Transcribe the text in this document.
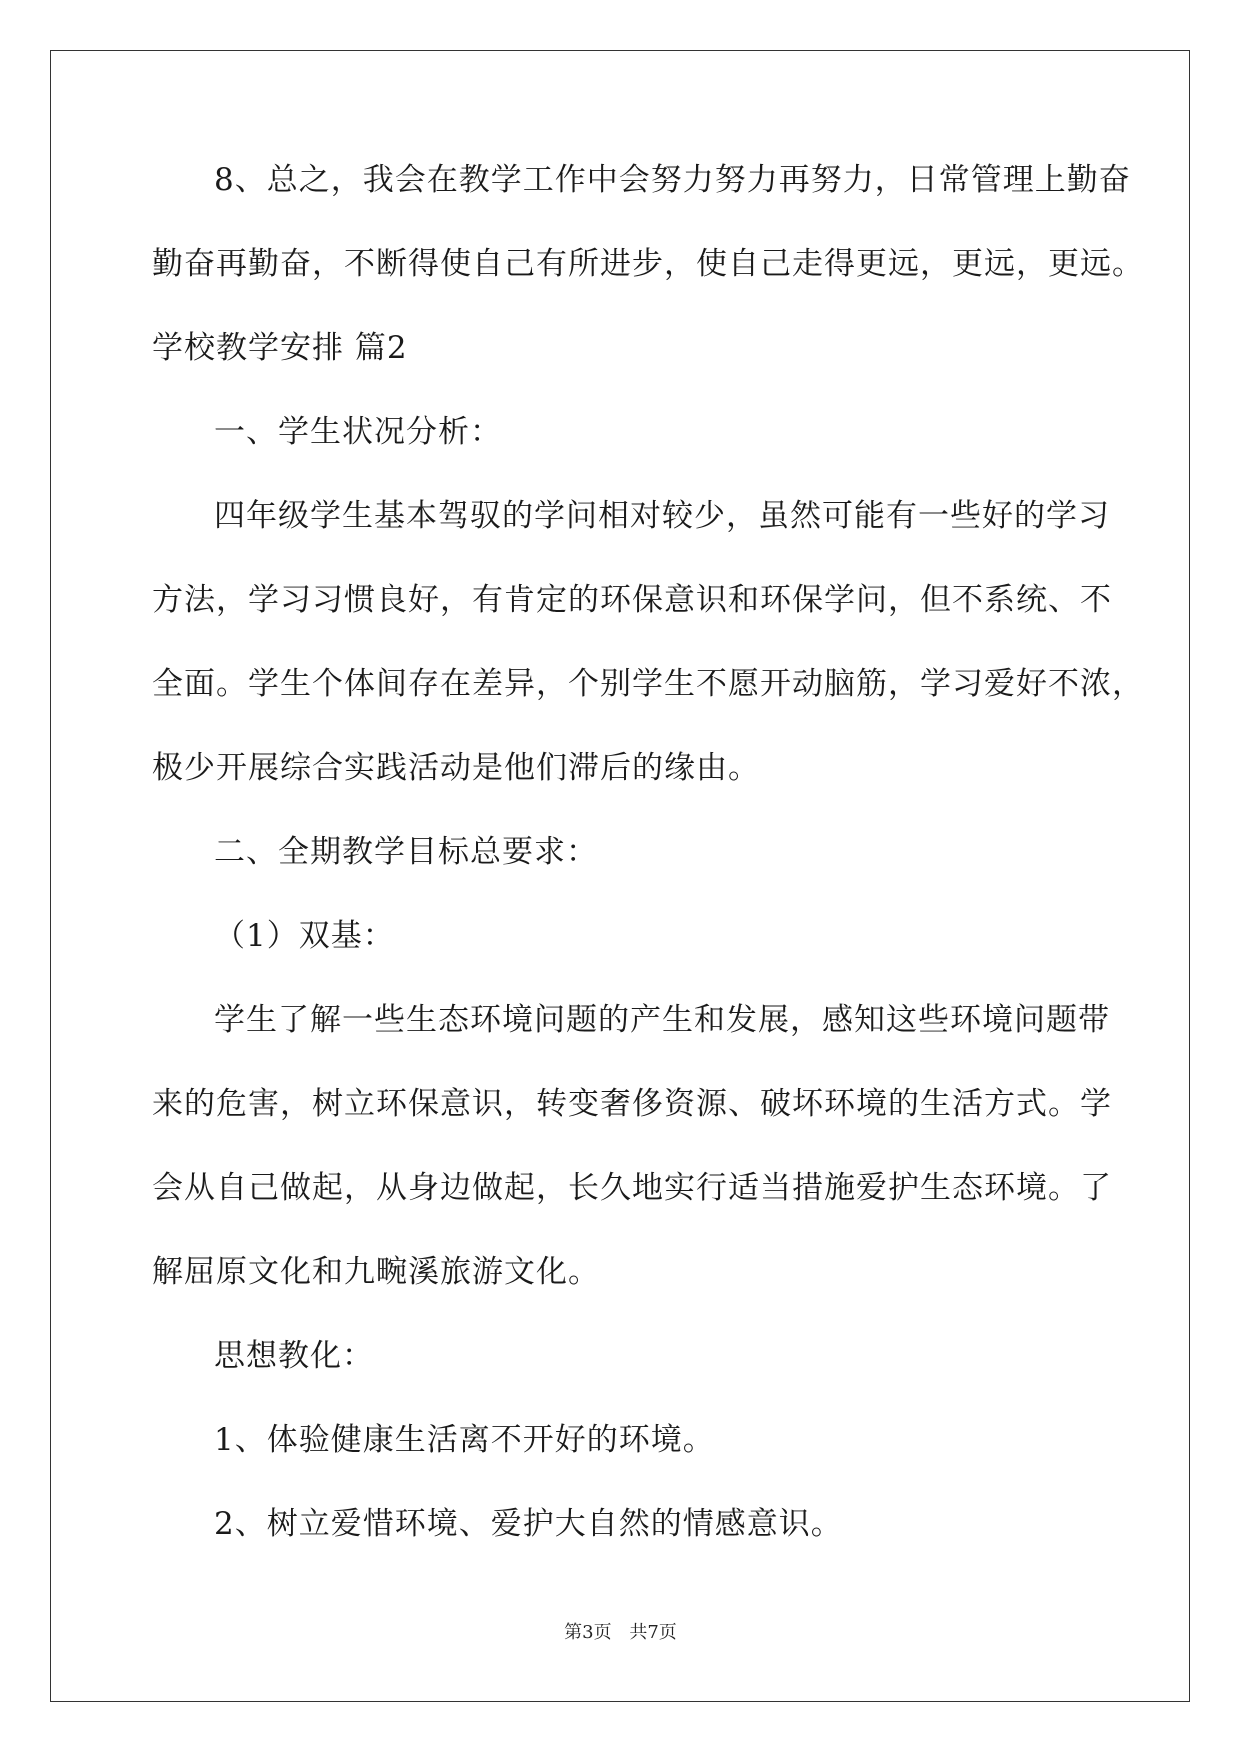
8、总之，我会在教学工作中会努力努力再努力，日常管理上勤奋
勤奋再勤奋，不断得使自己有所进步，使自己走得更远，更远，更远。
学校教学安排 篇2
一、学生状况分析：
四年级学生基本驾驭的学问相对较少，虽然可能有一些好的学习
方法，学习习惯良好，有肯定的环保意识和环保学问，但不系统、不
全面。学生个体间存在差异，个别学生不愿开动脑筋，学习爱好不浓，
极少开展综合实践活动是他们滞后的缘由。
二、全期教学目标总要求：
（1）双基：
学生了解一些生态环境问题的产生和发展，感知这些环境问题带
来的危害，树立环保意识，转变奢侈资源、破坏环境的生活方式。学
会从自己做起，从身边做起，长久地实行适当措施爱护生态环境。了
解屈原文化和九畹溪旅游文化。
思想教化：
1、体验健康生活离不开好的环境。
2、树立爱惜环境、爱护大自然的情感意识。
第3页 共7页
